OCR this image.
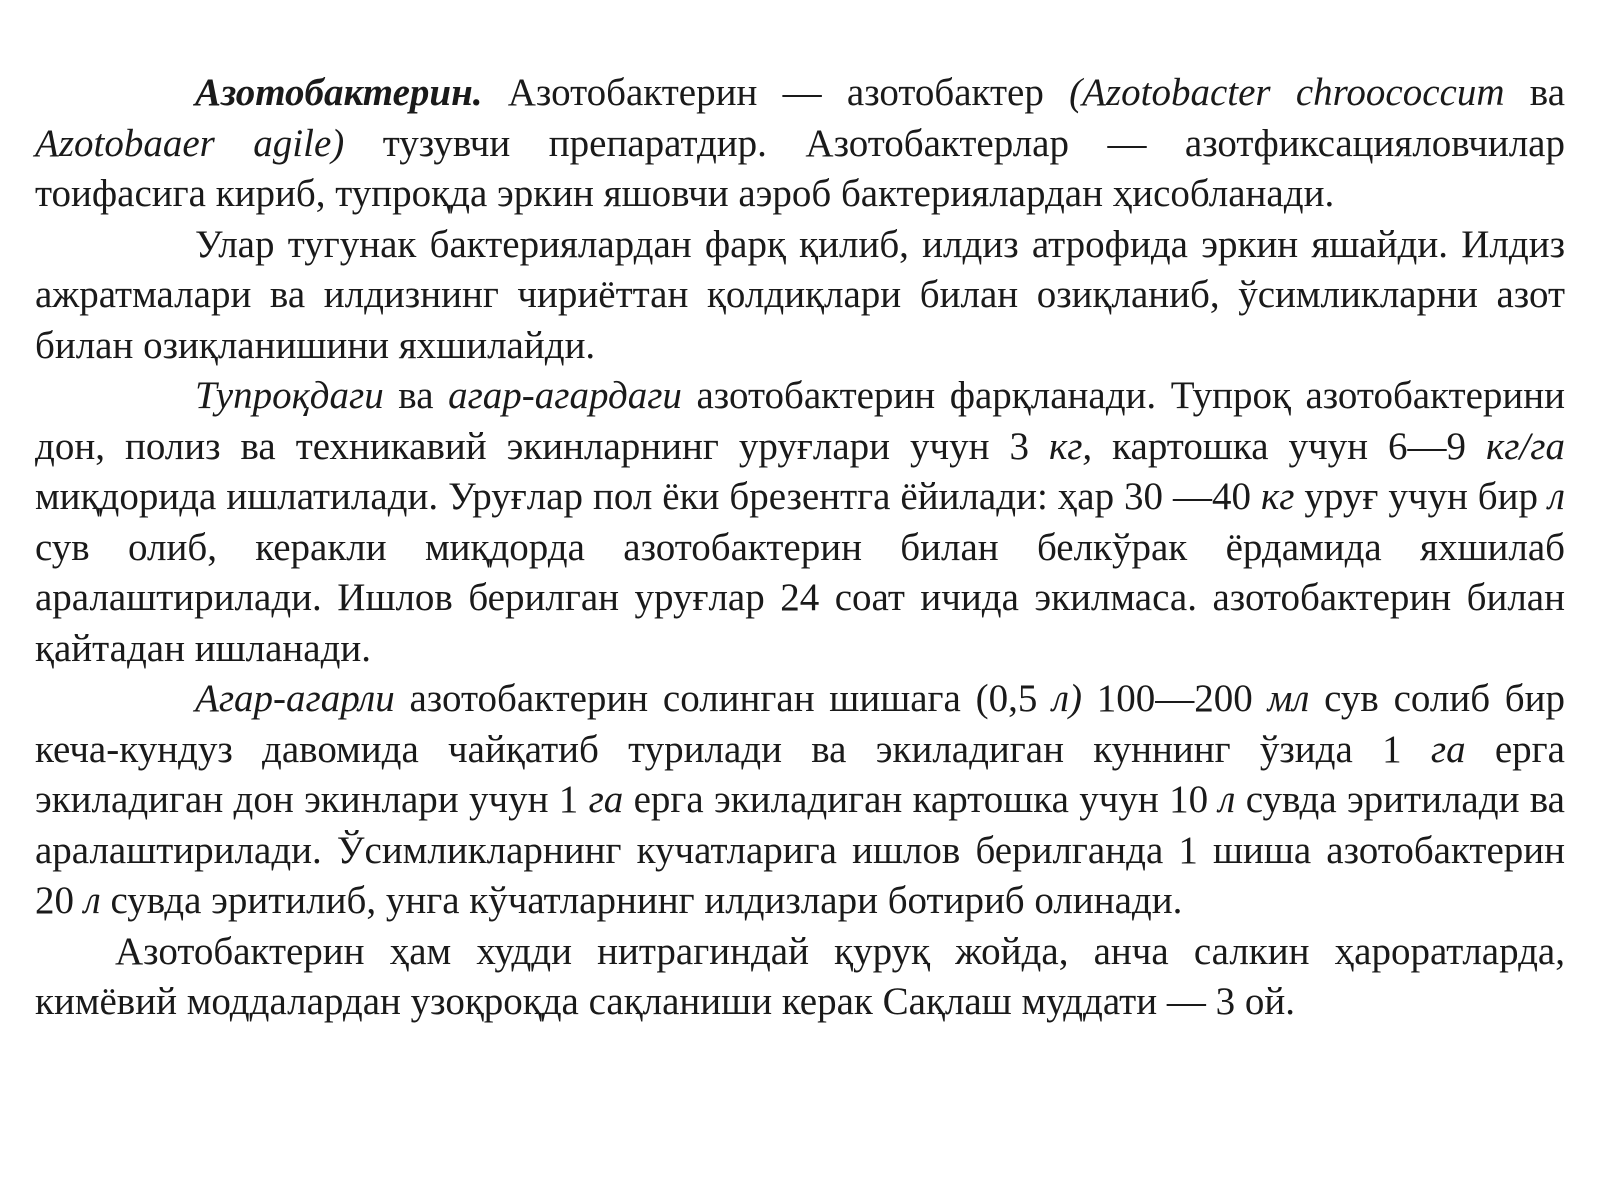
Азотобактерин. Азотобактерин — азотобактер (Azotobacter chroococcum ва Azotobaaer agile) тузувчи препаратдир. Азотобактерлар — азотфиксацияловчилар тоифасига кириб, тупроқда эркин яшовчи аэроб бактериялардан ҳисобланади.

Улар тугунак бактериялардан фарқ қилиб, илдиз атрофида эркин яшайди. Илдиз ажратмалари ва илдизнинг чириёттан қолдиқлари билан озиқланиб, ўсимликларни азот билан озиқланишини яхшилайди.

Тупроқдаги ва агар-агардаги азотобактерин фарқланади. Тупроқ азотобактерини дон, полиз ва техникавий экинларнинг уруғлари учун 3 кг, картошка учун 6—9 кг/га миқдорида ишлатилади. Уруғлар пол ёки брезентга ёйилади: ҳар 30 —40 кг уруғ учун бир л сув олиб, керакли миқдорда азотобактерин билан белкўрак ёрдамида яхшилаб аралаштирилади. Ишлов берилган уруғлар 24 соат ичида экилмаса. азотобактерин билан қайтадан ишланади.

Агар-агарли азотобактерин солинган шишага (0,5 л) 100—200 мл сув солиб бир кеча-кундуз давомида чайқатиб турилади ва экиладиган куннинг ўзида 1 га ерга экиладиган дон экинлари учун 1 га ерга экиладиган картошка учун 10 л сувда эритилади ва аралаштирилади. Ўсимликларнинг кучатларига ишлов берилганда 1 шиша азотобактерин 20 л сувда эритилиб, унга кўчатларнинг илдизлари ботириб олинади.

Азотобактерин ҳам худди нитрагиндай қуруқ жойда, анча салкин ҳароратларда, кимёвий моддалардан узоқроқда сақланиши керак Сақлаш муддати — 3 ой.
